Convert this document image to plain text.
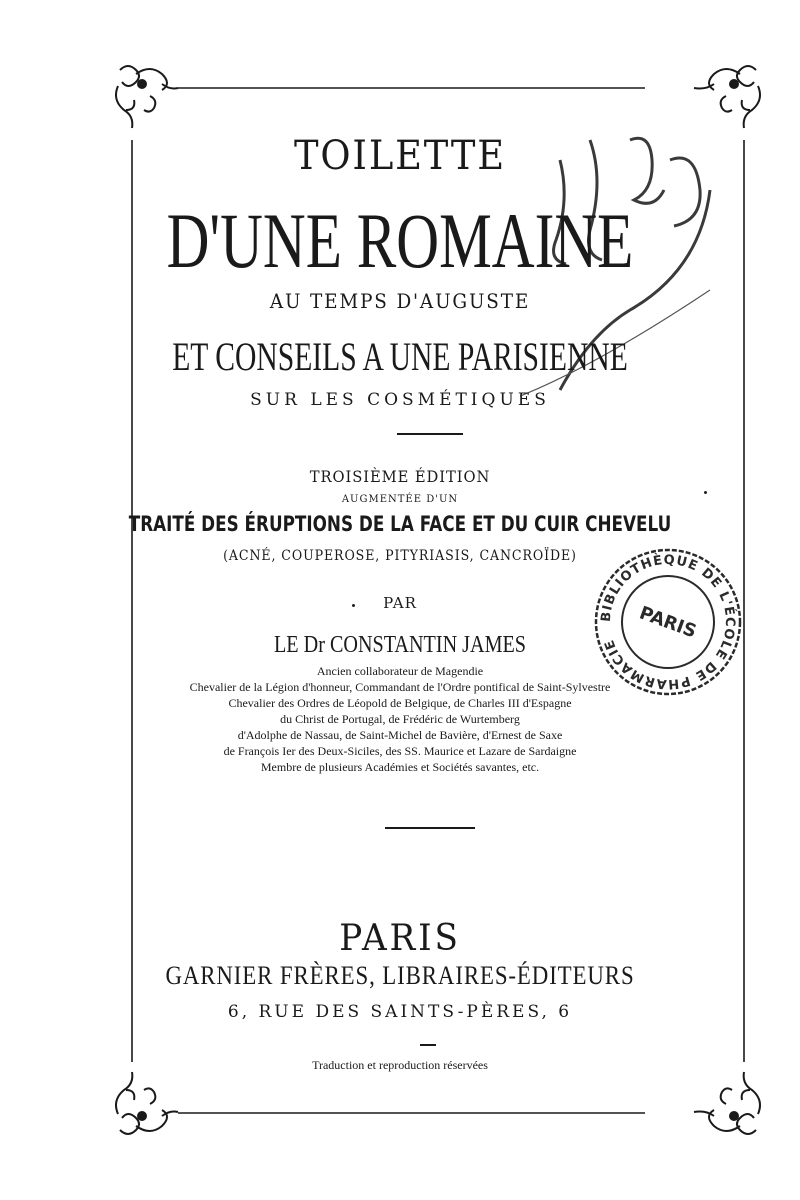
TOILETTE
D'UNE ROMAINE
AU TEMPS D'AUGUSTE
ET CONSEILS A UNE PARISIENNE
SUR LES COSMÉTIQUES
TROISIÈME ÉDITION
AUGMENTÉE D'UN
TRAITÉ DES ÉRUPTIONS DE LA FACE ET DU CUIR CHEVELU
(ACNÉ, COUPEROSE, PITYRIASIS, CANCROÏDE)
PAR
LE Dr CONSTANTIN JAMES
Ancien collaborateur de Magendie
Chevalier de la Légion d'honneur, Commandant de l'Ordre pontifical de Saint-Sylvestre
Chevalier des Ordres de Léopold de Belgique, de Charles III d'Espagne
du Christ de Portugal, de Frédéric de Wurtemberg
d'Adolphe de Nassau, de Saint-Michel de Bavière, d'Ernest de Saxe
de François Ier des Deux-Siciles, des SS. Maurice et Lazare de Sardaigne
Membre de plusieurs Académies et Sociétés savantes, etc.
PARIS
GARNIER FRÈRES, LIBRAIRES-ÉDITEURS
6, RUE DES SAINTS-PÈRES, 6
Traduction et reproduction réservées
BIBLIOTHÈQUE DE L'ÉCOLE DE PHARMACIE
PARIS
